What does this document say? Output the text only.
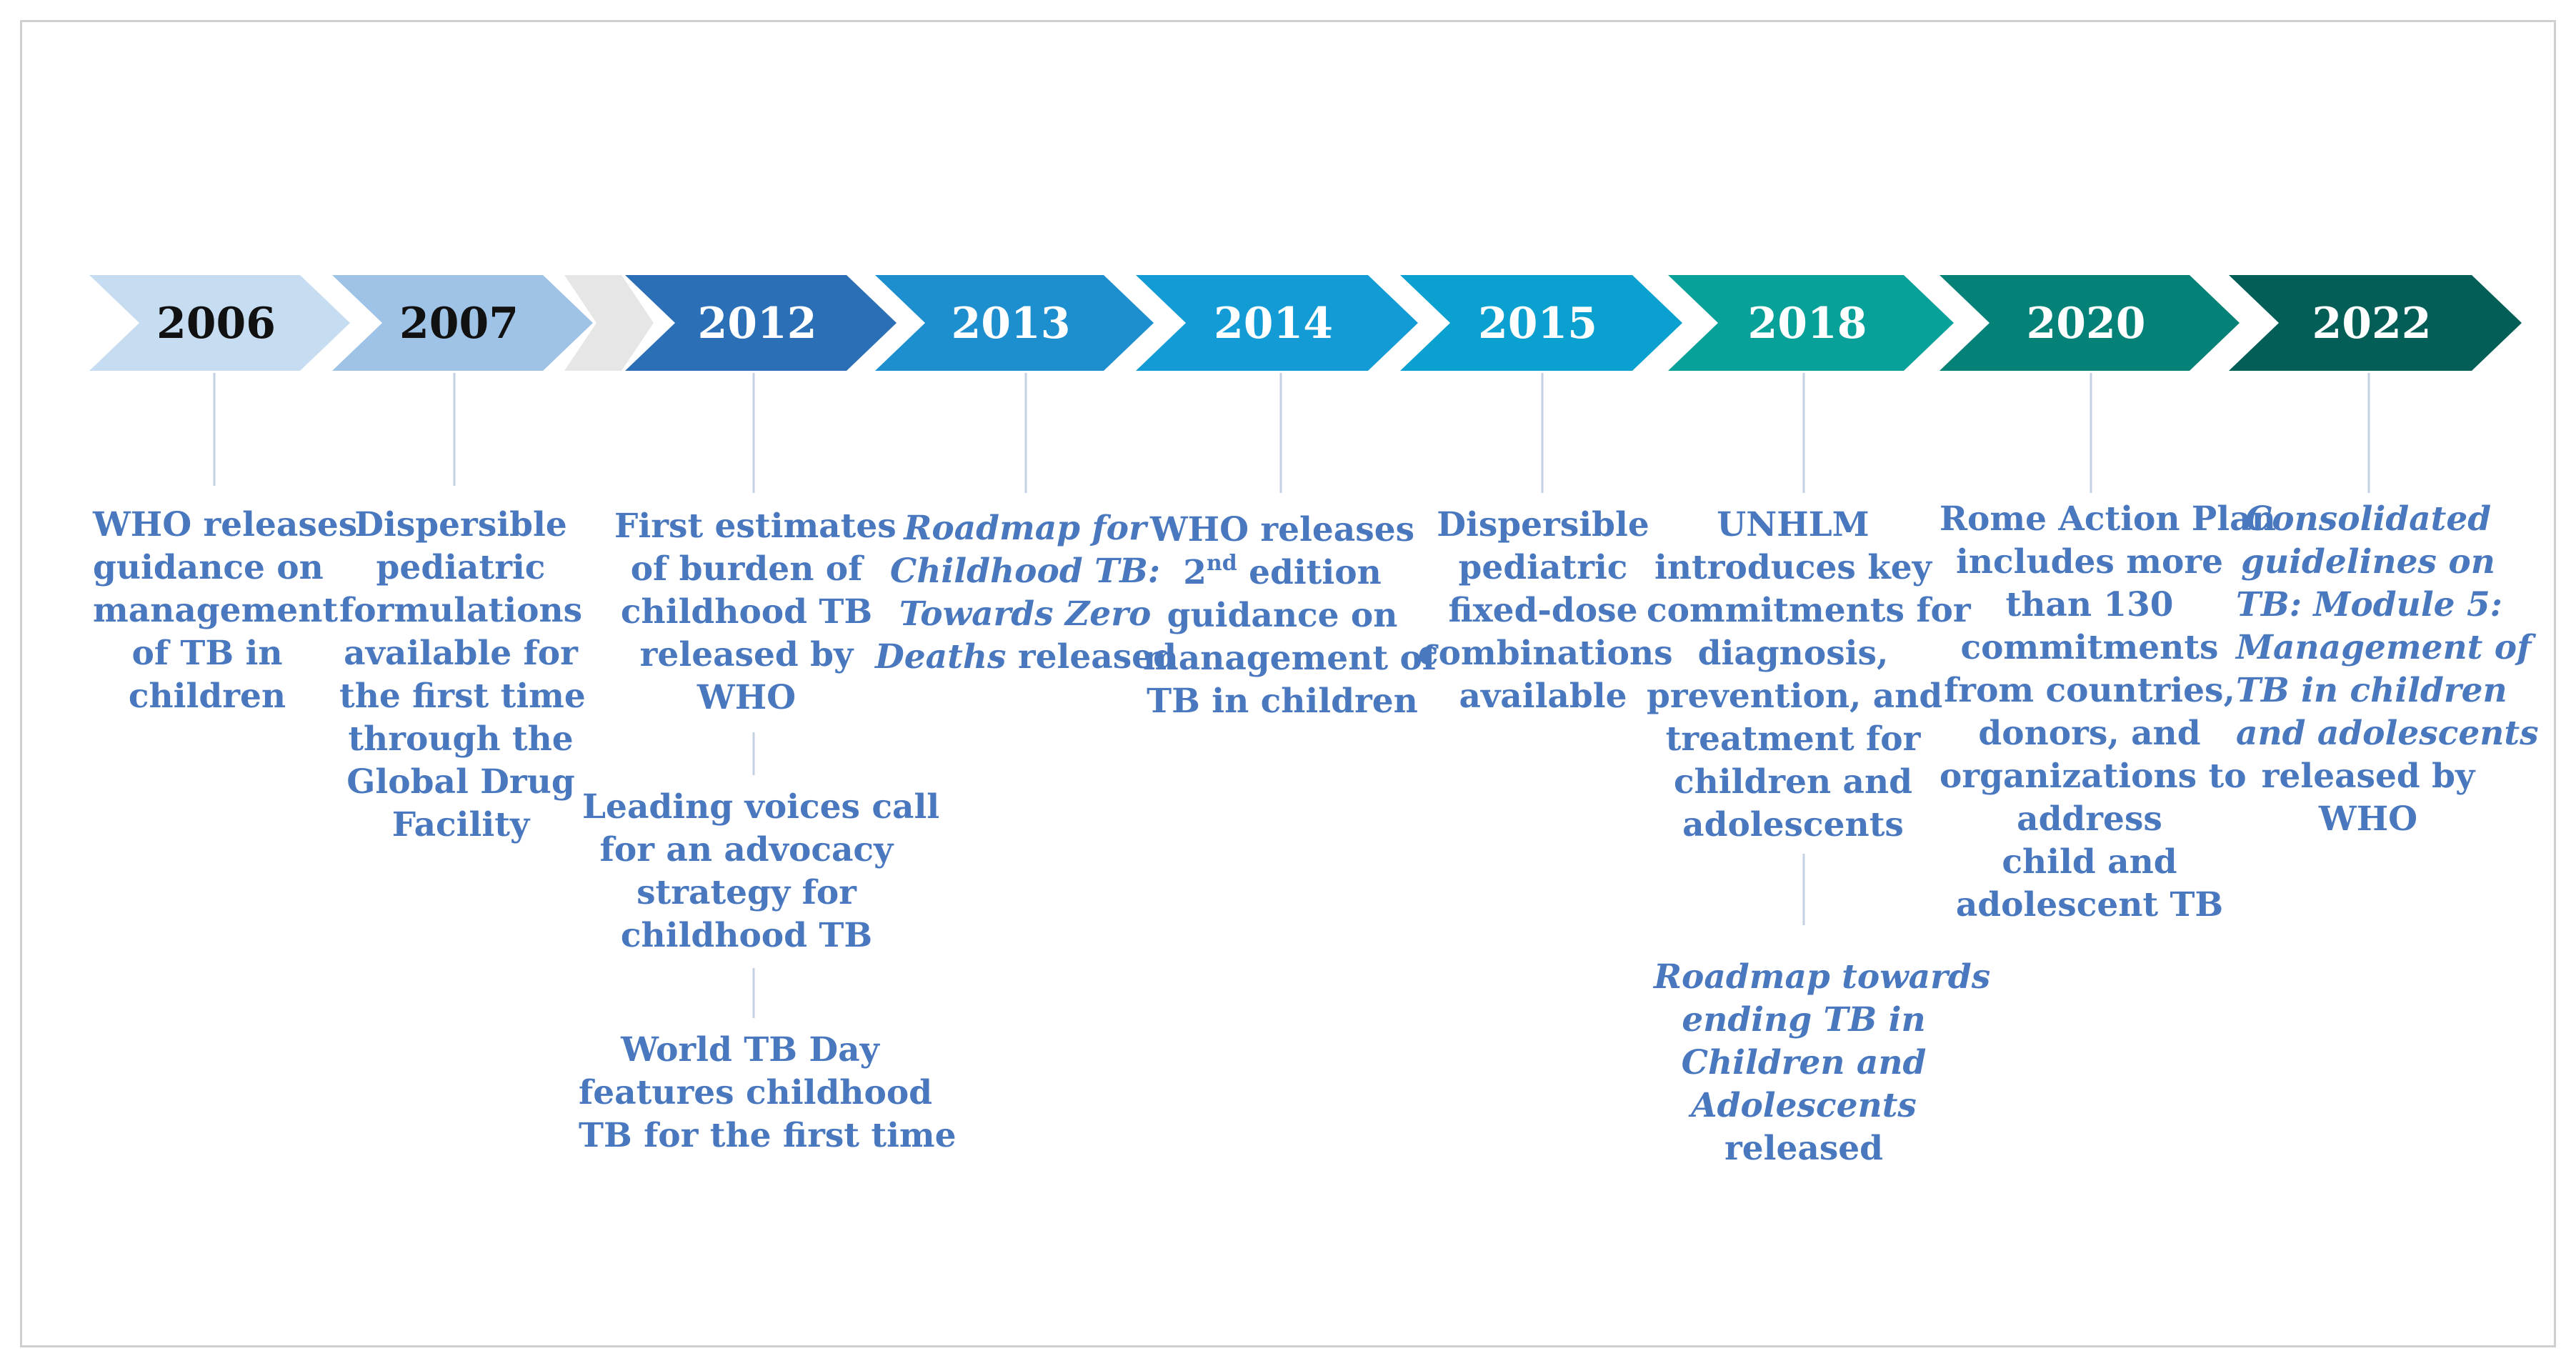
2006	2007	2012	2013	2014	2015	2018	2020	2022
WHO releases
guidance on
management
of TB in
children
Dispersible
pediatric
formulations
available for
the first time
through the
Global Drug
Facility
First estimates
of burden of
childhood TB
released by
WHO
Leading voices call
for an advocacy
strategy for
childhood TB
World TB Day
features childhood
TB for the first time
Roadmap for
Childhood TB:
Towards Zero
Deaths released
WHO releases
2nd edition
guidance on
management of
TB in children
Dispersible
pediatric
fixed-dose
combinations
available
UNHLM
introduces key
commitments for
diagnosis,
prevention, and
treatment for
children and
adolescents
Roadmap towards
ending TB in
Children and
Adolescents
released
Rome Action Plan
includes more
than 130
commitments
from countries,
donors, and
organizations to
address
child and
adolescent TB
Consolidated
guidelines on
TB: Module 5:
Management of
TB in children
and adolescents
released by
WHO
